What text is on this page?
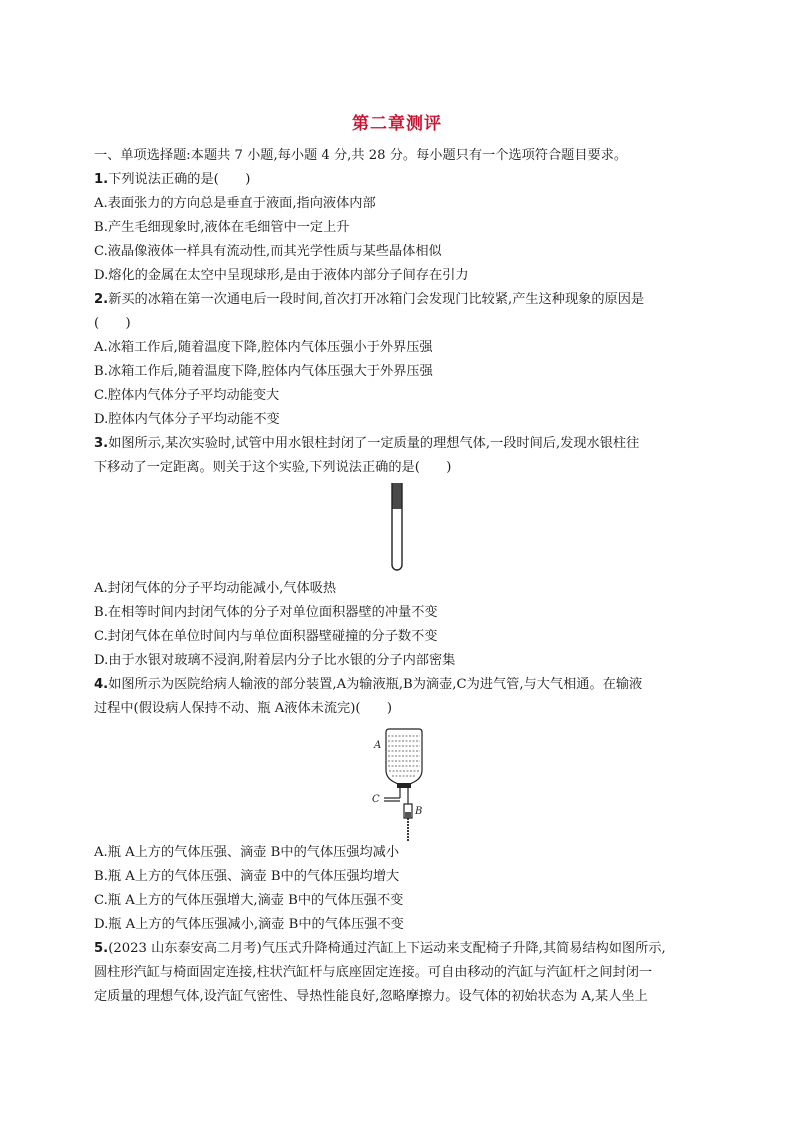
第二章测评
一、单项选择题:本题共 7 小题,每小题 4 分,共 28 分。每小题只有一个选项符合题目要求。
1.下列说法正确的是(　　)
A.表面张力的方向总是垂直于液面,指向液体内部
B.产生毛细现象时,液体在毛细管中一定上升
C.液晶像液体一样具有流动性,而其光学性质与某些晶体相似
D.熔化的金属在太空中呈现球形,是由于液体内部分子间存在引力
2.新买的冰箱在第一次通电后一段时间,首次打开冰箱门会发现门比较紧,产生这种现象的原因是
(　　)
A.冰箱工作后,随着温度下降,腔体内气体压强小于外界压强
B.冰箱工作后,随着温度下降,腔体内气体压强大于外界压强
C.腔体内气体分子平均动能变大
D.腔体内气体分子平均动能不变
3.如图所示,某次实验时,试管中用水银柱封闭了一定质量的理想气体,一段时间后,发现水银柱往
下移动了一定距离。则关于这个实验,下列说法正确的是(　　)
A.封闭气体的分子平均动能减小,气体吸热
B.在相等时间内封闭气体的分子对单位面积器壁的冲量不变
C.封闭气体在单位时间内与单位面积器壁碰撞的分子数不变
D.由于水银对玻璃不浸润,附着层内分子比水银的分子内部密集
4.如图所示为医院给病人输液的部分装置,A为输液瓶,B为滴壶,C为进气管,与大气相通。在输液
过程中(假设病人保持不动、瓶 A液体未流完)(　　)
A
C
B
A.瓶 A上方的气体压强、滴壶 B中的气体压强均减小
B.瓶 A上方的气体压强、滴壶 B中的气体压强均增大
C.瓶 A上方的气体压强增大,滴壶 B中的气体压强不变
D.瓶 A上方的气体压强减小,滴壶 B中的气体压强不变
5.(2023 山东泰安高二月考)气压式升降椅通过汽缸上下运动来支配椅子升降,其简易结构如图所示,
圆柱形汽缸与椅面固定连接,柱状汽缸杆与底座固定连接。可自由移动的汽缸与汽缸杆之间封闭一
定质量的理想气体,设汽缸气密性、导热性能良好,忽略摩擦力。设气体的初始状态为 A,某人坐上
